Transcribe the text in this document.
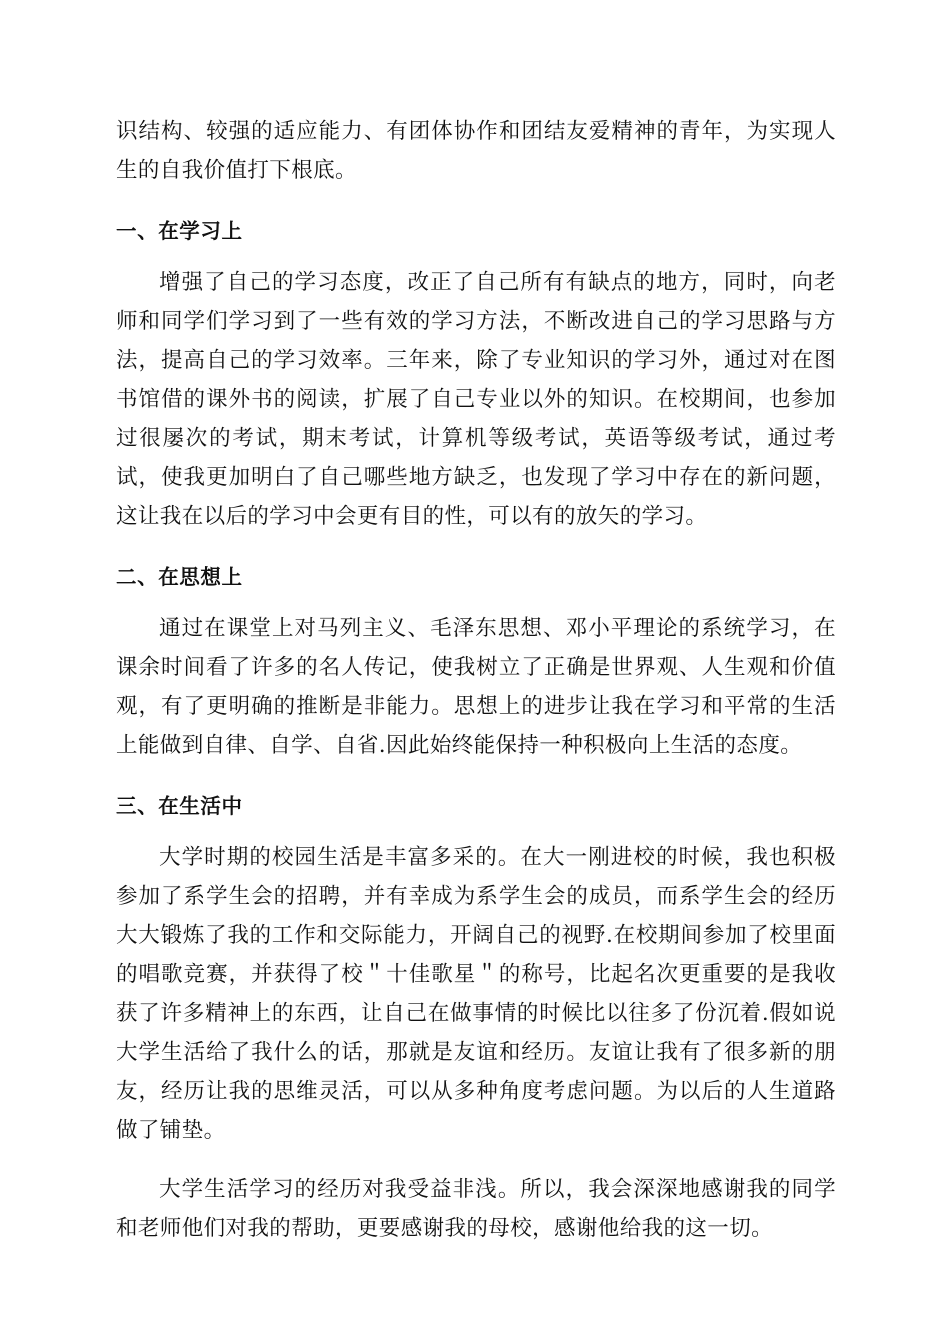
识结构、较强的适应能力、有团体协作和团结友爱精神的青年，为实现人生的自我价值打下根底。

一、在学习上

增强了自己的学习态度，改正了自己所有有缺点的地方，同时，向老师和同学们学习到了一些有效的学习方法，不断改进自己的学习思路与方法，提高自己的学习效率。三年来，除了专业知识的学习外，通过对在图书馆借的课外书的阅读，扩展了自己专业以外的知识。在校期间，也参加过很屡次的考试，期末考试，计算机等级考试，英语等级考试，通过考试，使我更加明白了自己哪些地方缺乏，也发现了学习中存在的新问题，这让我在以后的学习中会更有目的性，可以有的放矢的学习。

二、在思想上

通过在课堂上对马列主义、毛泽东思想、邓小平理论的系统学习，在课余时间看了许多的名人传记，使我树立了正确是世界观、人生观和价值观，有了更明确的推断是非能力。思想上的进步让我在学习和平常的生活上能做到自律、自学、自省.因此始终能保持一种积极向上生活的态度。

三、在生活中

大学时期的校园生活是丰富多采的。在大一刚进校的时候，我也积极参加了系学生会的招聘，并有幸成为系学生会的成员，而系学生会的经历大大锻炼了我的工作和交际能力，开阔自己的视野.在校期间参加了校里面的唱歌竞赛，并获得了校＂十佳歌星＂的称号，比起名次更重要的是我收获了许多精神上的东西，让自己在做事情的时候比以往多了份沉着.假如说大学生活给了我什么的话，那就是友谊和经历。友谊让我有了很多新的朋友，经历让我的思维灵活，可以从多种角度考虑问题。为以后的人生道路做了铺垫。

大学生活学习的经历对我受益非浅。所以，我会深深地感谢我的同学和老师他们对我的帮助，更要感谢我的母校，感谢他给我的这一切。
